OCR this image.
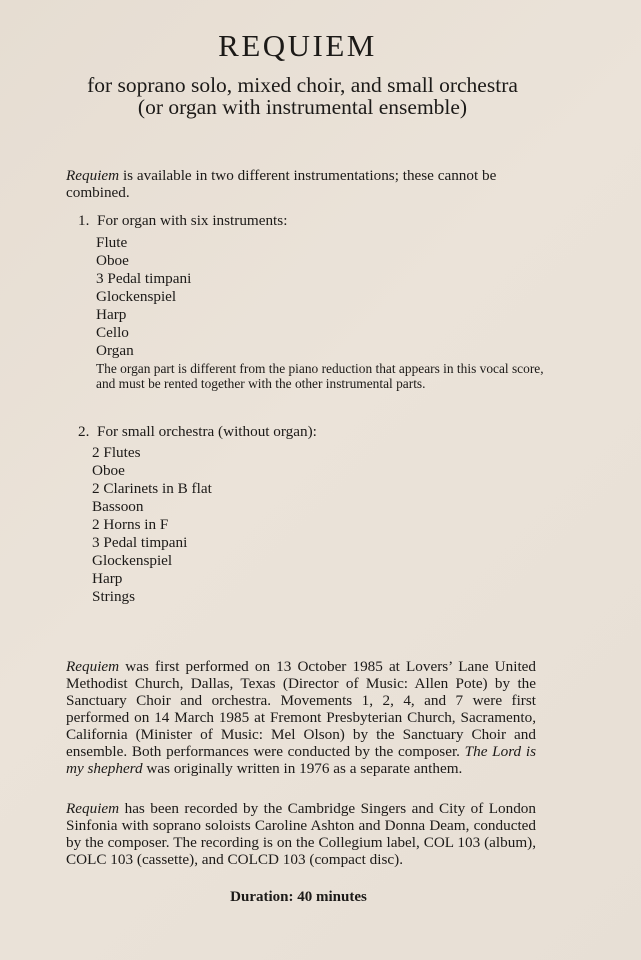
REQUIEM
for soprano solo, mixed choir, and small orchestra
(or organ with instrumental ensemble)

Requiem is available in two different instrumentations; these cannot be combined.

1. For organ with six instruments:

Flute
Oboe
3 Pedal timpani
Glockenspiel
Harp
Cello
Organ

The organ part is different from the piano reduction that appears in this vocal score, and must be rented together with the other instrumental parts.

2. For small orchestra (without organ):

2 Flutes
Oboe
2 Clarinets in B flat
Bassoon
2 Horns in F
3 Pedal timpani
Glockenspiel
Harp
Strings

Requiem was first performed on 13 October 1985 at Lovers’ Lane United Methodist Church, Dallas, Texas (Director of Music: Allen Pote) by the Sanctuary Choir and orchestra. Movements 1, 2, 4, and 7 were first performed on 14 March 1985 at Fremont Presbyterian Church, Sacramento, California (Minister of Music: Mel Olson) by the Sanctuary Choir and ensemble. Both performances were conducted by the composer. The Lord is my shepherd was originally written in 1976 as a separate anthem.

Requiem has been recorded by the Cambridge Singers and City of London Sinfonia with soprano soloists Caroline Ashton and Donna Deam, conducted by the composer. The recording is on the Collegium label, COL 103 (album), COLC 103 (cassette), and COLCD 103 (compact disc).

Duration: 40 minutes
